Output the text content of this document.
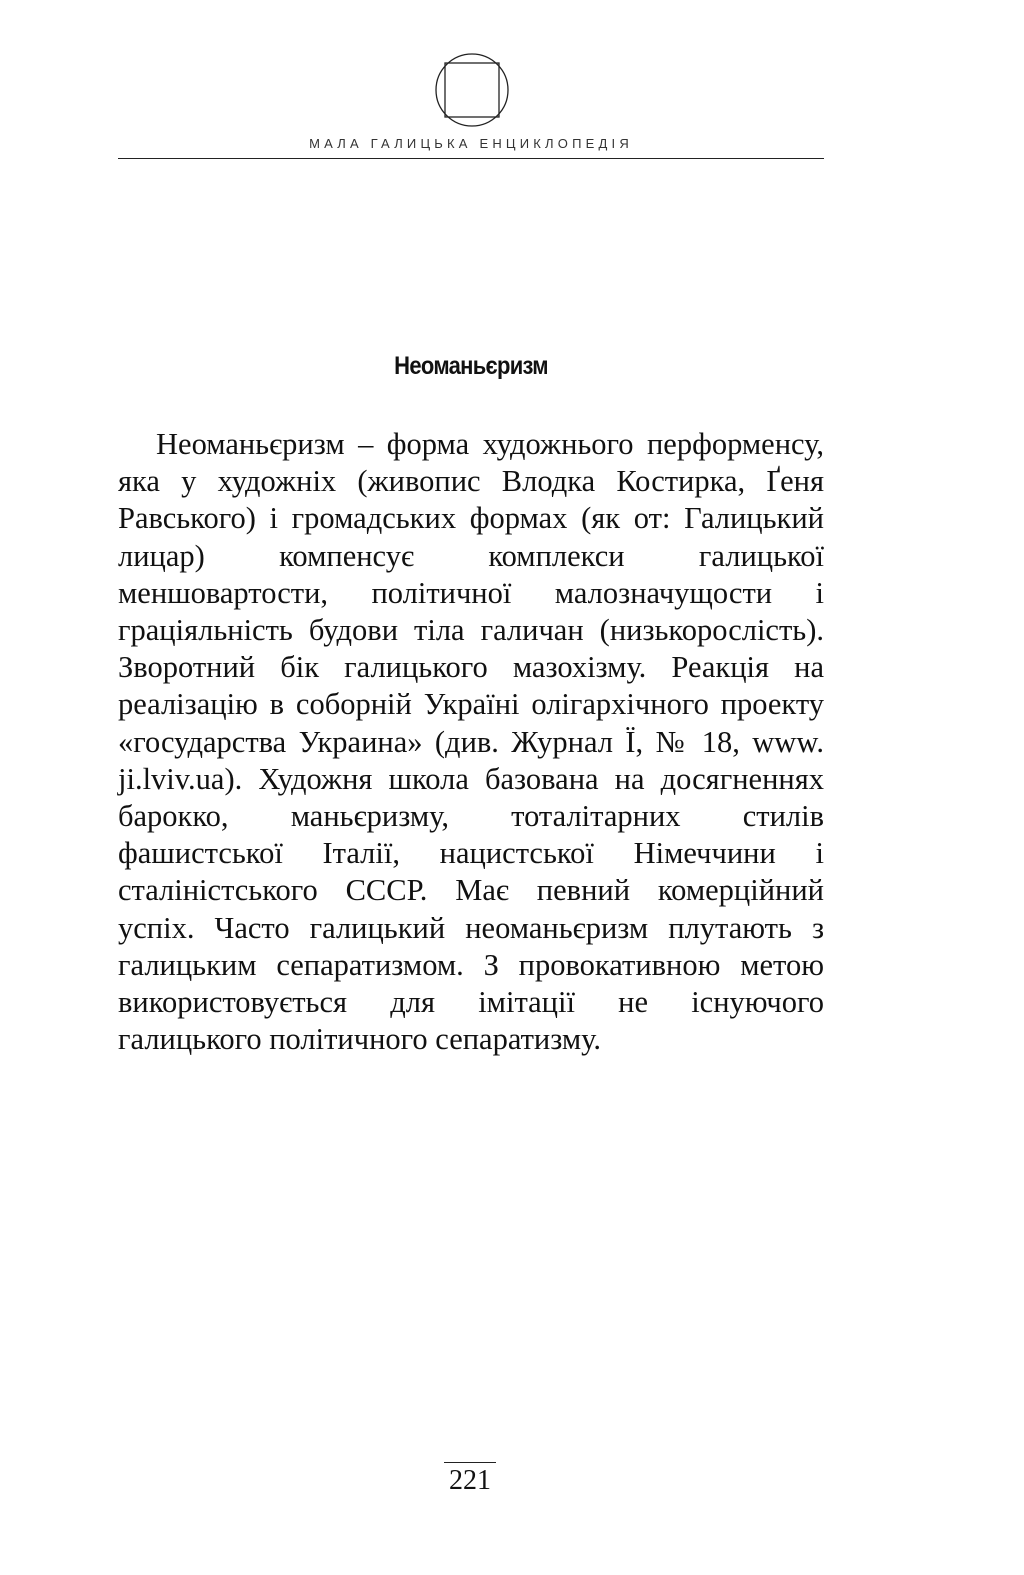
МАЛА ГАЛИЦЬКА ЕНЦИКЛОПЕДІЯ
Неоманьєризм

Неоманьєризм – форма художнього перформенсу, яка у художніх (живопис Влодка Костирка, Ґеня Равського) і громадських формах (як от: Галицький лицар) компенсує комплекси галицької меншовартости, політичної малозначущости і граціяльність будови тіла галичан (низькорослість). Зворотний бік галицького мазохізму. Реакція на реалізацію в соборній Україні олігархічного проекту «государства Украина» (див. Журнал Ї, № 18, www. ji.lviv.ua). Художня школа базована на досягненнях барокко, маньєризму, тоталітарних стилів фашистської Італії, нацистської Німеччини і сталіністського СССР. Має певний комерційний успіх. Часто галицький неоманьєризм плутають з галицьким сепаратизмом. З провокативною метою використовується для імітації не існуючого галицького політичного сепаратизму.

221
